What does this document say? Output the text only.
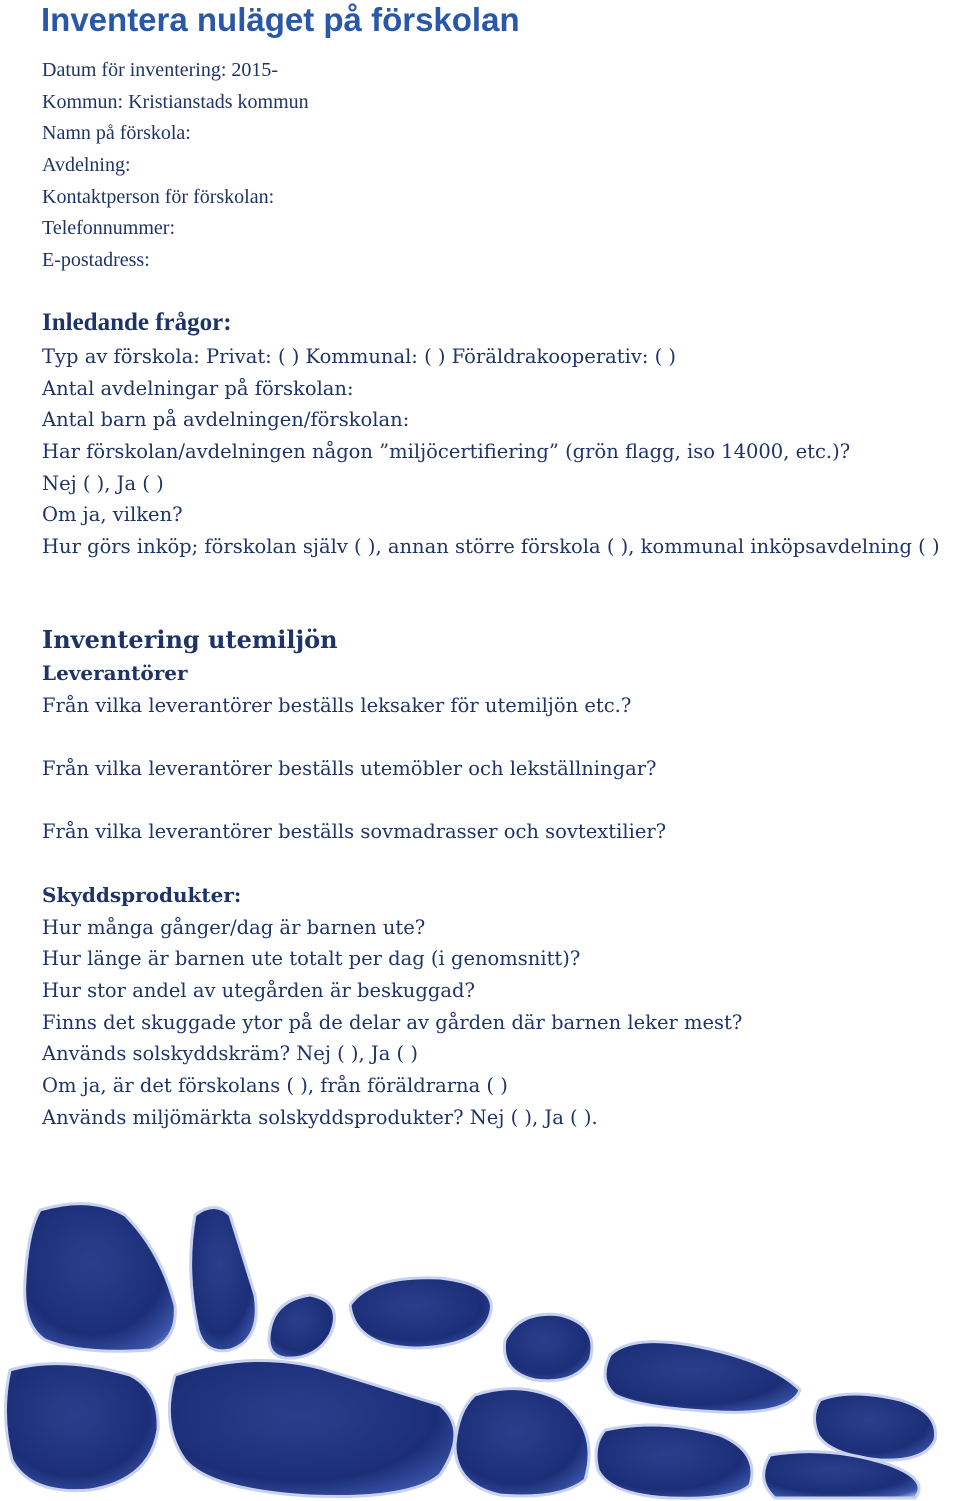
Inventera nuläget på förskolan
Datum för inventering: 2015-
Kommun: Kristianstads kommun
Namn på förskola:
Avdelning:
Kontaktperson för förskolan:
Telefonnummer:
E-postadress:
Inledande frågor:
Typ av förskola: Privat: ( ) Kommunal: ( ) Föräldrakooperativ: ( )
Antal avdelningar på förskolan:
Antal barn på avdelningen/förskolan:
Har förskolan/avdelningen någon ”miljöcertifiering” (grön flagg, iso 14000, etc.)?
Nej ( ), Ja ( )
Om ja, vilken?
Hur görs inköp; förskolan själv ( ), annan större förskola ( ), kommunal inköpsavdelning ( )
Inventering utemiljön
Leverantörer
Från vilka leverantörer beställs leksaker för utemiljön etc.?
Från vilka leverantörer beställs utemöbler och lekställningar?
Från vilka leverantörer beställs sovmadrasser och sovtextilier?
Skyddsprodukter:
Hur många gånger/dag är barnen ute?
Hur länge är barnen ute totalt per dag (i genomsnitt)?
Hur stor andel av utegården är beskuggad?
Finns det skuggade ytor på de delar av gården där barnen leker mest?
Används solskyddskräm? Nej ( ), Ja ( )
Om ja, är det förskolans ( ), från föräldrarna ( )
Används miljömärkta solskyddsprodukter? Nej ( ), Ja ( ).
